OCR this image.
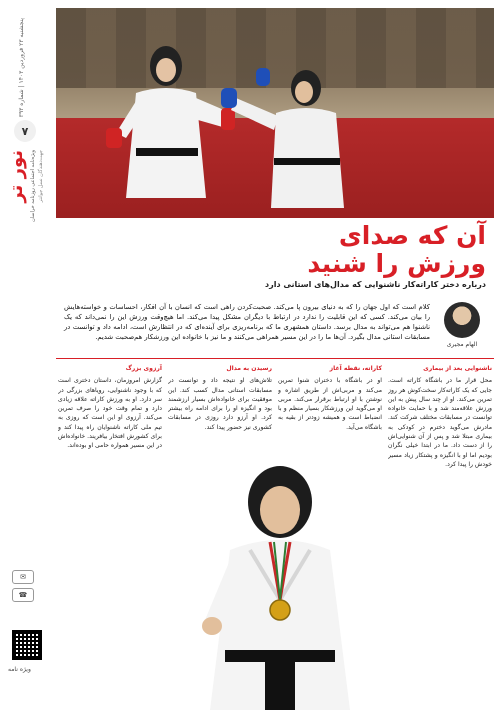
پنجشنبه ۲۳ فروردین ۱۴۰۳ | شماره ۳۹۳
۷
نور تر ویژه‌نامه اجتماعی روزنامه خراسان جهت‌دهندگان نسل جوانتر
✉
☎
ویژه نامه
آن که صدای
ورزش را شنید
درباره دختر کاراته‌کار ناشنوایی که مدال‌های استانی دارد
الهام مجیری
کلام است که اول جهان را که به دنیای بیرون پا می‌کند. صحبت‌کردن راهی است که انسان با آن افکار، احساسات و خواسته‌هایش را بیان می‌کند. کسی که این قابلیت را ندارد در ارتباط با دیگران مشکل پیدا می‌کند. اما هیچ‌وقت ورزش این را نمی‌داند که یک ناشنوا هم می‌تواند به مدال برسد. داستان همشهری ما که برنامه‌ریزی برای آینده‌ای که در انتظارش است، ادامه داد و توانست در مسابقات استانی مدال بگیرد. آن‌ها ما را در این مسیر همراهی می‌کنند و ما نیز با خانواده این ورزشکار هم‌صحبت شدیم.

ناشنوایی بعد از بیماری

محل قرار ما در باشگاه کاراته است. جایی که یک کاراته‌کار سخت‌کوش هر روز تمرین می‌کند. او از چند سال پیش به این ورزش علاقه‌مند شد و با حمایت خانواده توانست در مسابقات مختلف شرکت کند. مادرش می‌گوید دخترم در کودکی به بیماری مبتلا شد و پس از آن شنوایی‌اش را از دست داد. ما در ابتدا خیلی نگران بودیم اما او با انگیزه و پشتکار زیاد مسیر خودش را پیدا کرد.

کاراته، نقطه آغاز

او در باشگاه با دختران شنوا تمرین می‌کند و مربی‌اش از طریق اشاره و نوشتن با او ارتباط برقرار می‌کند. مربی او می‌گوید این ورزشکار بسیار منظم و با انضباط است و همیشه زودتر از بقیه به باشگاه می‌آید.

رسیدن به مدال

تلاش‌های او نتیجه داد و توانست در مسابقات استانی مدال کسب کند. این موفقیت برای خانواده‌اش بسیار ارزشمند بود و انگیزه او را برای ادامه راه بیشتر کرد. او آرزو دارد روزی در مسابقات کشوری نیز حضور پیدا کند.

آرزوی بزرگ

گزارش امروزمان، داستان دختری است که با وجود ناشنوایی، رویاهای بزرگی در سر دارد. او به ورزش کاراته علاقه زیادی دارد و تمام وقت خود را صرف تمرین می‌کند. آرزوی او این است که روزی به تیم ملی کاراته ناشنوایان راه پیدا کند و برای کشورش افتخار بیافریند. خانواده‌اش در این مسیر همواره حامی او بوده‌اند.
